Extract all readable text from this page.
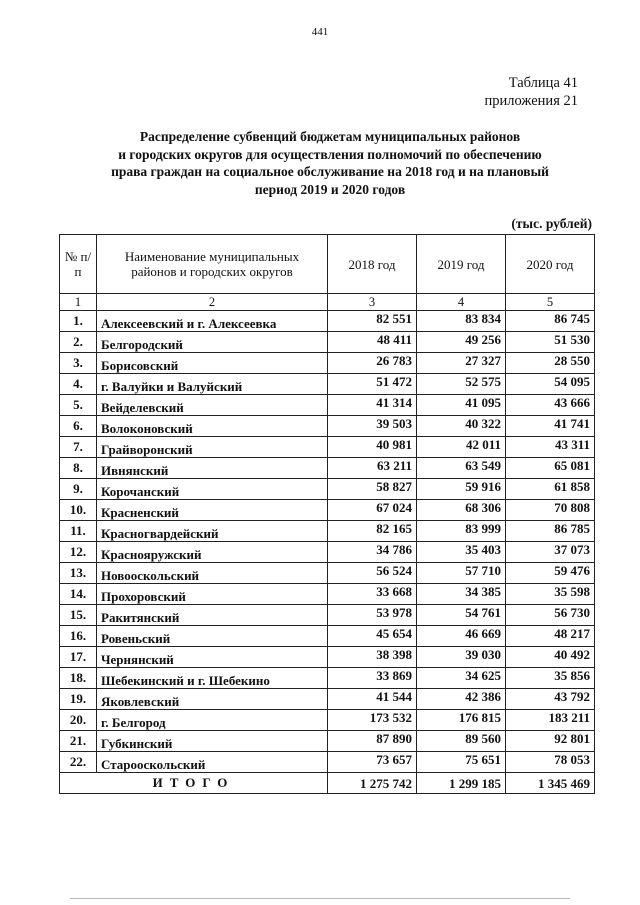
441
Таблица 41
приложения 21
Распределение субвенций бюджетам муниципальных районов
и городских округов для осуществления полномочий по обеспечению
права граждан на социальное обслуживание на 2018 год и на плановый
период 2019 и 2020 годов
(тыс. рублей)
№ п/п	Наименование муниципальных районов и городских округов	2018 год	2019 год	2020 год
1	2	3	4	5
1.	Алексеевский и г. Алексеевка	82 551	83 834	86 745
2.	Белгородский	48 411	49 256	51 530
3.	Борисовский	26 783	27 327	28 550
4.	г. Валуйки и Валуйский	51 472	52 575	54 095
5.	Вейделевский	41 314	41 095	43 666
6.	Волоконовский	39 503	40 322	41 741
7.	Грайворонский	40 981	42 011	43 311
8.	Ивнянский	63 211	63 549	65 081
9.	Корочанский	58 827	59 916	61 858
10.	Красненский	67 024	68 306	70 808
11.	Красногвардейский	82 165	83 999	86 785
12.	Краснояружский	34 786	35 403	37 073
13.	Новооскольский	56 524	57 710	59 476
14.	Прохоровский	33 668	34 385	35 598
15.	Ракитянский	53 978	54 761	56 730
16.	Ровеньский	45 654	46 669	48 217
17.	Чернянский	38 398	39 030	40 492
18.	Шебекинский и г. Шебекино	33 869	34 625	35 856
19.	Яковлевский	41 544	42 386	43 792
20.	г. Белгород	173 532	176 815	183 211
21.	Губкинский	87 890	89 560	92 801
22.	Старооскольский	73 657	75 651	78 053
ИТОГО		1 275 742	1 299 185	1 345 469
